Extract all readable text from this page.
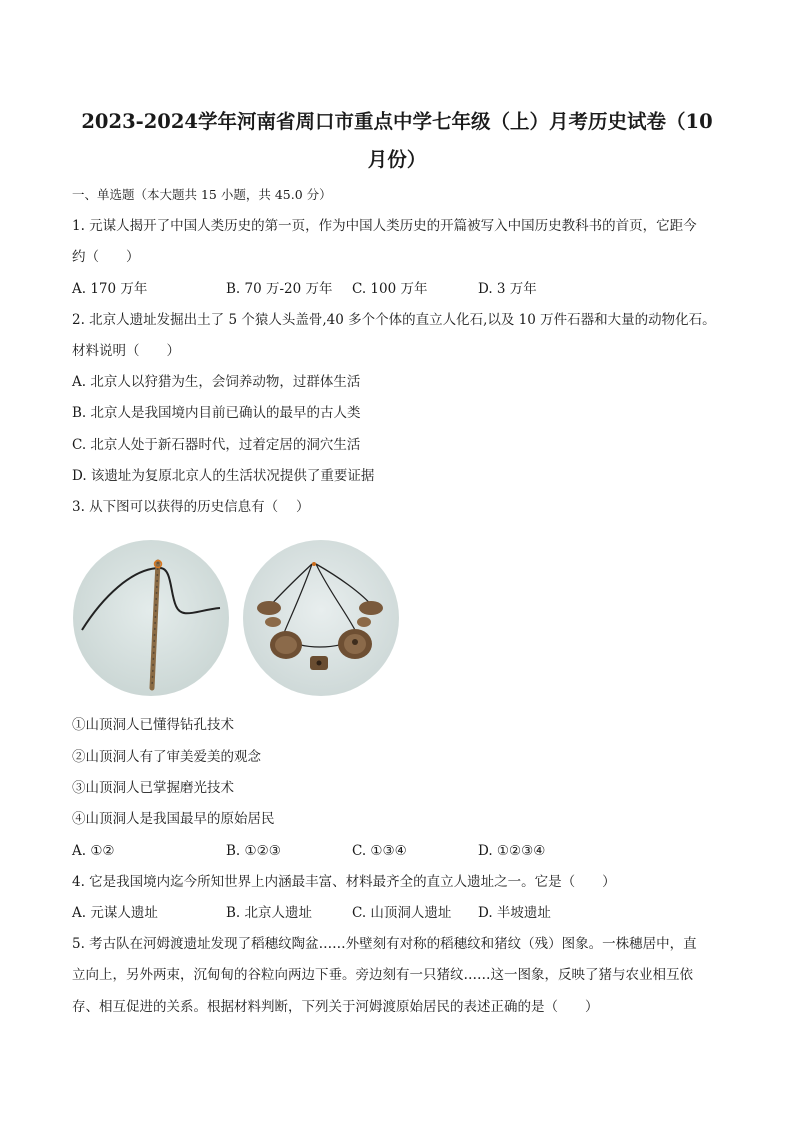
2023-2024学年河南省周口市重点中学七年级（上）月考历史试卷（10
月份）
一、单选题（本大题共 15 小题，共 45.0 分）
1. 元谋人揭开了中国人类历史的第一页，作为中国人类历史的开篇被写入中国历史教科书的首页，它距今
约（　　）
A. 170 万年	B. 70 万-20 万年 C. 100 万年	D. 3 万年
2. 北京人遗址发掘出土了 5 个猿人头盖骨,40 多个个体的直立人化石,以及 10 万件石器和大量的动物化石。
材料说明（　　）
A. 北京人以狩猎为生，会饲养动物，过群体生活
B. 北京人是我国境内目前已确认的最早的古人类
C. 北京人处于新石器时代，过着定居的洞穴生活
D. 该遗址为复原北京人的生活状况提供了重要证据
3. 从下图可以获得的历史信息有（　 ）
①山顶洞人已懂得钻孔技术
②山顶洞人有了审美爱美的观念
③山顶洞人已掌握磨光技术
④山顶洞人是我国最早的原始居民
A. ①②	B. ①②③	C. ①③④	D. ①②③④
4. 它是我国境内迄今所知世界上内涵最丰富、材料最齐全的直立人遗址之一。它是（　　）
A. 元谋人遗址	B. 北京人遗址	C. 山顶洞人遗址 D. 半坡遗址
5. 考古队在河姆渡遗址发现了稻穗纹陶盆……外壁刻有对称的稻穗纹和猪纹（残）图象。一株穗居中，直
立向上，另外两束，沉甸甸的谷粒向两边下垂。旁边刻有一只猪纹……这一图象，反映了猪与农业相互依
存、相互促进的关系。根据材料判断，下列关于河姆渡原始居民的表述正确的是（　　）
